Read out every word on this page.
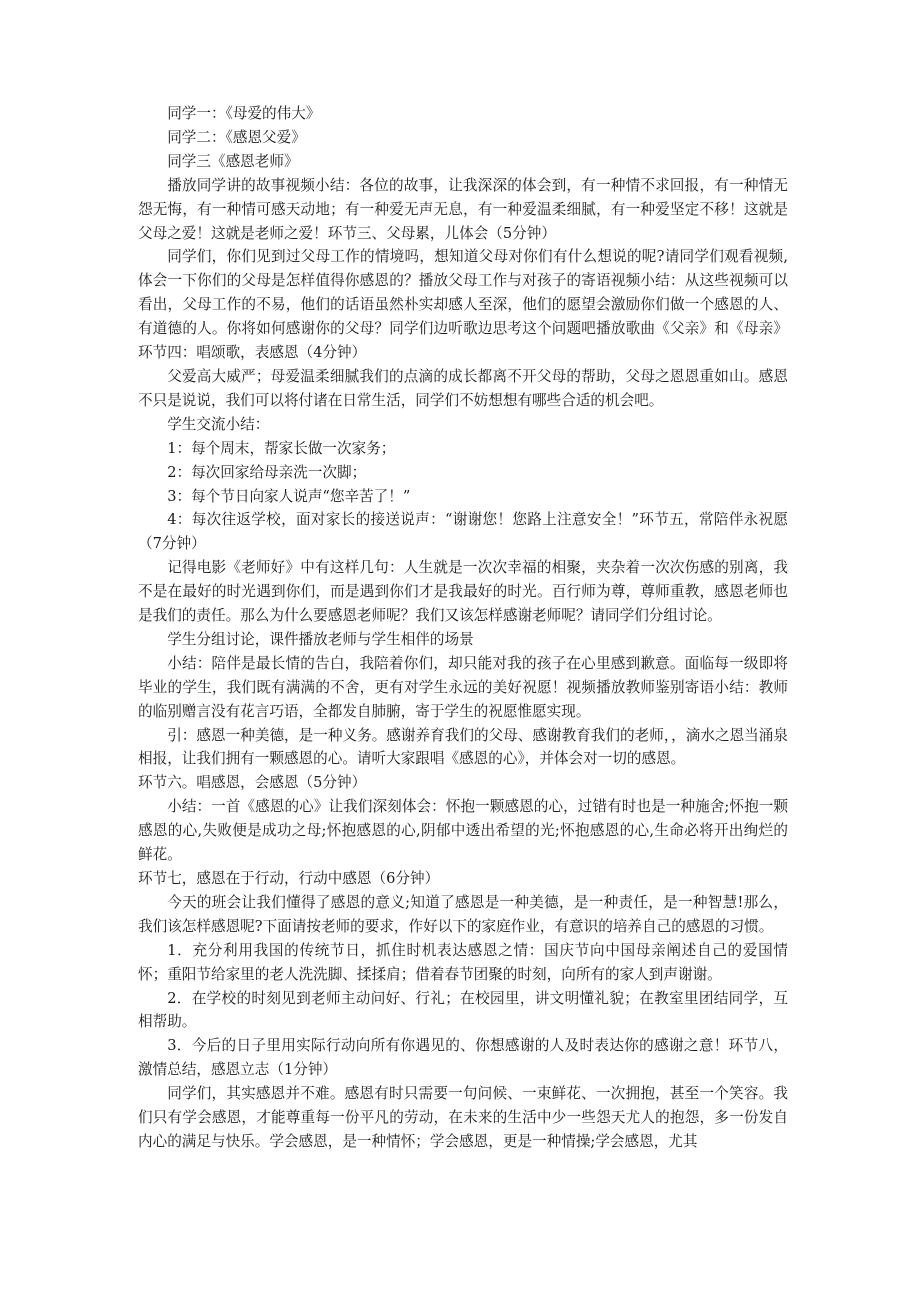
同学一：《母爱的伟大》

同学二：《感恩父爱》

同学三《感恩老师》

播放同学讲的故事视频小结：各位的故事，让我深深的体会到，有一种情不求回报，有一种情无怨无悔，有一种情可感天动地；有一种爱无声无息，有一种爱温柔细腻，有一种爱坚定不移！这就是父母之爱！这就是老师之爱！环节三、父母累，儿体会（5分钟）

同学们，你们见到过父母工作的情境吗，想知道父母对你们有什么想说的呢?请同学们观看视频,体会一下你们的父母是怎样值得你感恩的？播放父母工作与对孩子的寄语视频小结：从这些视频可以看出，父母工作的不易，他们的话语虽然朴实却感人至深，他们的愿望会激励你们做一个感恩的人、有道德的人。你将如何感谢你的父母？同学们边听歌边思考这个问题吧播放歌曲《父亲》和《母亲》环节四：唱颂歌，表感恩（4分钟）

父爱高大威严；母爱温柔细腻我们的点滴的成长都离不开父母的帮助，父母之恩恩重如山。感恩不只是说说，我们可以将付诸在日常生活，同学们不妨想想有哪些合适的机会吧。

学生交流小结：

1：每个周末，帮家长做一次家务；

2：每次回家给母亲洗一次脚；

3：每个节日向家人说声“您辛苦了！”

4：每次往返学校，面对家长的接送说声：“谢谢您！您路上注意安全！”环节五，常陪伴永祝愿（7分钟）

记得电影《老师好》中有这样几句：人生就是一次次幸福的相聚，夹杂着一次次伤感的别离，我不是在最好的时光遇到你们，而是遇到你们才是我最好的时光。百行师为尊，尊师重教，感恩老师也是我们的责任。那么为什么要感恩老师呢？我们又该怎样感谢老师呢？请同学们分组讨论。

学生分组讨论，课件播放老师与学生相伴的场景

小结：陪伴是最长情的告白，我陪着你们，却只能对我的孩子在心里感到歉意。面临每一级即将毕业的学生，我们既有满满的不舍，更有对学生永远的美好祝愿！视频播放教师鉴别寄语小结：教师的临别赠言没有花言巧语，全都发自肺腑，寄于学生的祝愿惟愿实现。

引：感恩一种美德，是一种义务。感谢养育我们的父母、感谢教育我们的老师，，滴水之恩当涌泉相报，让我们拥有一颗感恩的心。请听大家跟唱《感恩的心》，并体会对一切的感恩。

环节六。唱感恩，会感恩（5分钟）

小结：一首《感恩的心》让我们深刻体会：怀抱一颗感恩的心，过错有时也是一种施舍;怀抱一颗感恩的心,失败便是成功之母;怀抱感恩的心,阴郁中透出希望的光;怀抱感恩的心,生命必将开出绚烂的鲜花。

环节七，感恩在于行动，行动中感恩（6分钟）

今天的班会让我们懂得了感恩的意义;知道了感恩是一种美德，是一种责任，是一种智慧!那么，我们该怎样感恩呢?下面请按老师的要求，作好以下的家庭作业，有意识的培养自己的感恩的习惯。

1．充分利用我国的传统节日，抓住时机表达感恩之情：国庆节向中国母亲阐述自己的爱国情怀；重阳节给家里的老人洗洗脚、揉揉肩；借着春节团聚的时刻，向所有的家人到声谢谢。

2．在学校的时刻见到老师主动问好、行礼；在校园里，讲文明懂礼貌；在教室里团结同学，互相帮助。

3．今后的日子里用实际行动向所有你遇见的、你想感谢的人及时表达你的感谢之意！环节八，激情总结，感恩立志（1分钟）

同学们，其实感恩并不难。感恩有时只需要一句问候、一束鲜花、一次拥抱，甚至一个笑容。我们只有学会感恩，才能尊重每一份平凡的劳动，在未来的生活中少一些怨天尤人的抱怨，多一份发自内心的满足与快乐。学会感恩，是一种情怀；学会感恩，更是一种情操;学会感恩，尤其
